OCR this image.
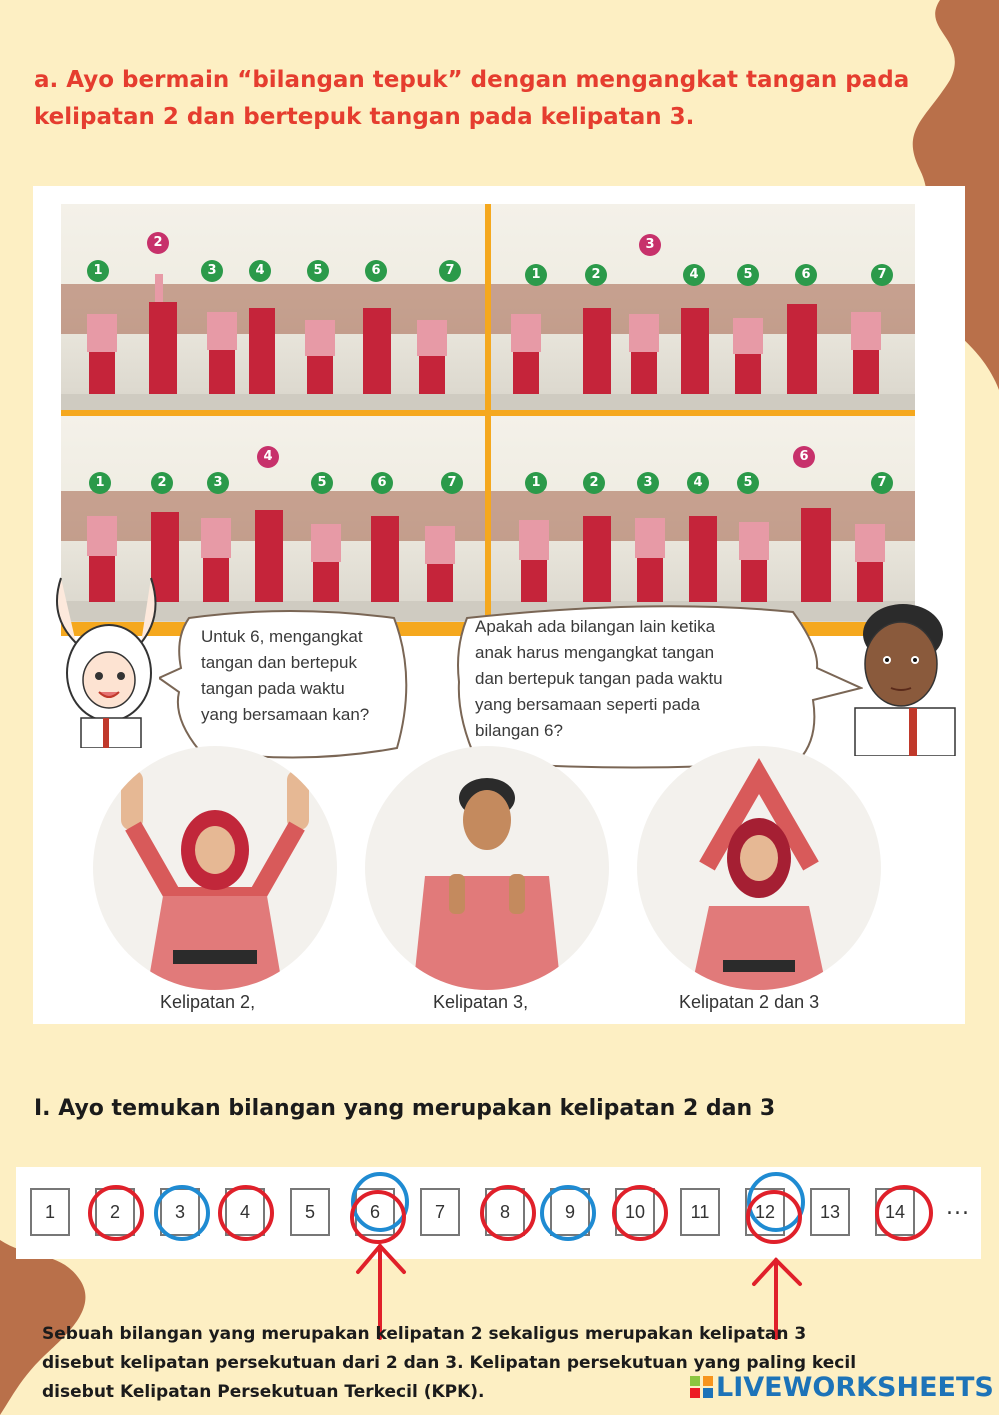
a. Ayo bermain “bilangan tepuk” dengan mengangkat tangan pada kelipatan 2 dan bertepuk tangan pada kelipatan 3.
1
2
3	4	5	6	7	1	2
3
4	5	6	7
1	2	3
4
5	6	7	1	2	3	4	5
6
7

Untuk 6, mengangkat
tangan dan bertepuk
tangan pada waktu
yang bersamaan kan?

Apakah ada bilangan lain ketika
anak harus mengangkat tangan
dan bertepuk tangan pada waktu
yang bersamaan seperti pada
bilangan 6?

Kelipatan 2,	Kelipatan 3,	Kelipatan 2 dan 3
I. Ayo temukan bilangan yang merupakan kelipatan 2 dan 3
1	2	3	4	5	6	7	8	9	10	11	12	13	14	...

Sebuah bilangan yang merupakan kelipatan 2 sekaligus merupakan kelipatan 3
disebut kelipatan persekutuan dari 2 dan 3. Kelipatan persekutuan yang paling kecil
disebut Kelipatan Persekutuan Terkecil (KPK).	LIVEWORKSHEETS
